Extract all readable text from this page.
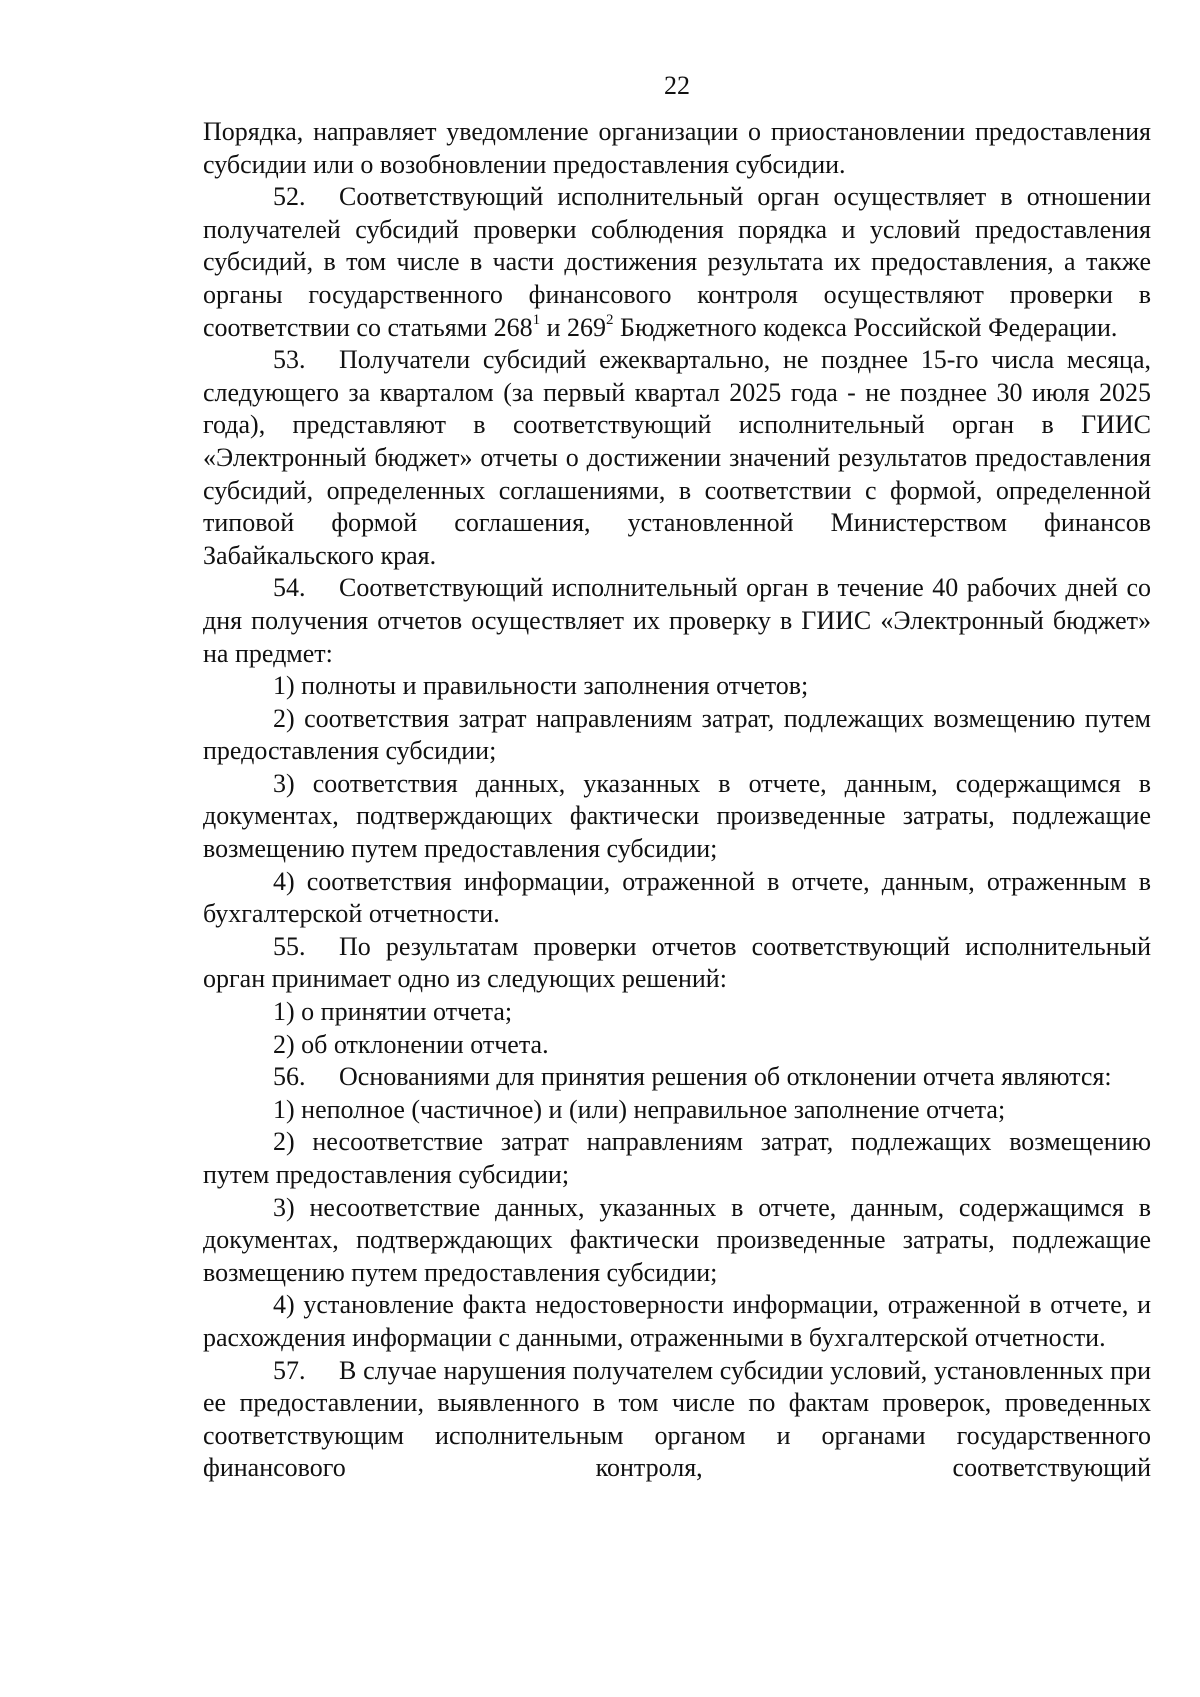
22

Порядка, направляет уведомление организации о приостановлении предоставления субсидии или о возобновлении предоставления субсидии.

52. Соответствующий исполнительный орган осуществляет в отношении получателей субсидий проверки соблюдения порядка и условий предоставления субсидий, в том числе в части достижения результата их предоставления, а также органы государственного финансового контроля осуществляют проверки в соответствии со статьями $268^1$ и $269^2$ Бюджетного кодекса Российской Федерации.

53. Получатели субсидий ежеквартально, не позднее 15-го числа месяца, следующего за кварталом (за первый квартал 2025 года - не позднее 30 июля 2025 года), представляют в соответствующий исполнительный орган в ГИИС «Электронный бюджет» отчеты о достижении значений результатов предоставления субсидий, определенных соглашениями, в соответствии с формой, определенной типовой формой соглашения, установленной Министерством финансов Забайкальского края.

54. Соответствующий исполнительный орган в течение 40 рабочих дней со дня получения отчетов осуществляет их проверку в ГИИС «Электронный бюджет» на предмет:

1) полноты и правильности заполнения отчетов;

2) соответствия затрат направлениям затрат, подлежащих возмещению путем предоставления субсидии;

3) соответствия данных, указанных в отчете, данным, содержащимся в документах, подтверждающих фактически произведенные затраты, подлежащие возмещению путем предоставления субсидии;

4) соответствия информации, отраженной в отчете, данным, отраженным в бухгалтерской отчетности.

55. По результатам проверки отчетов соответствующий исполнительный орган принимает одно из следующих решений:

1) о принятии отчета;

2) об отклонении отчета.

56. Основаниями для принятия решения об отклонении отчета являются:

1) неполное (частичное) и (или) неправильное заполнение отчета;

2) несоответствие затрат направлениям затрат, подлежащих возмещению путем предоставления субсидии;

3) несоответствие данных, указанных в отчете, данным, содержащимся в документах, подтверждающих фактически произведенные затраты, подлежащие возмещению путем предоставления субсидии;

4) установление факта недостоверности информации, отраженной в отчете, и расхождения информации с данными, отраженными в бухгалтерской отчетности.

57. В случае нарушения получателем субсидии условий, установленных при ее предоставлении, выявленного в том числе по фактам проверок, проведенных соответствующим исполнительным органом и органами государственного финансового контроля, соответствующий
